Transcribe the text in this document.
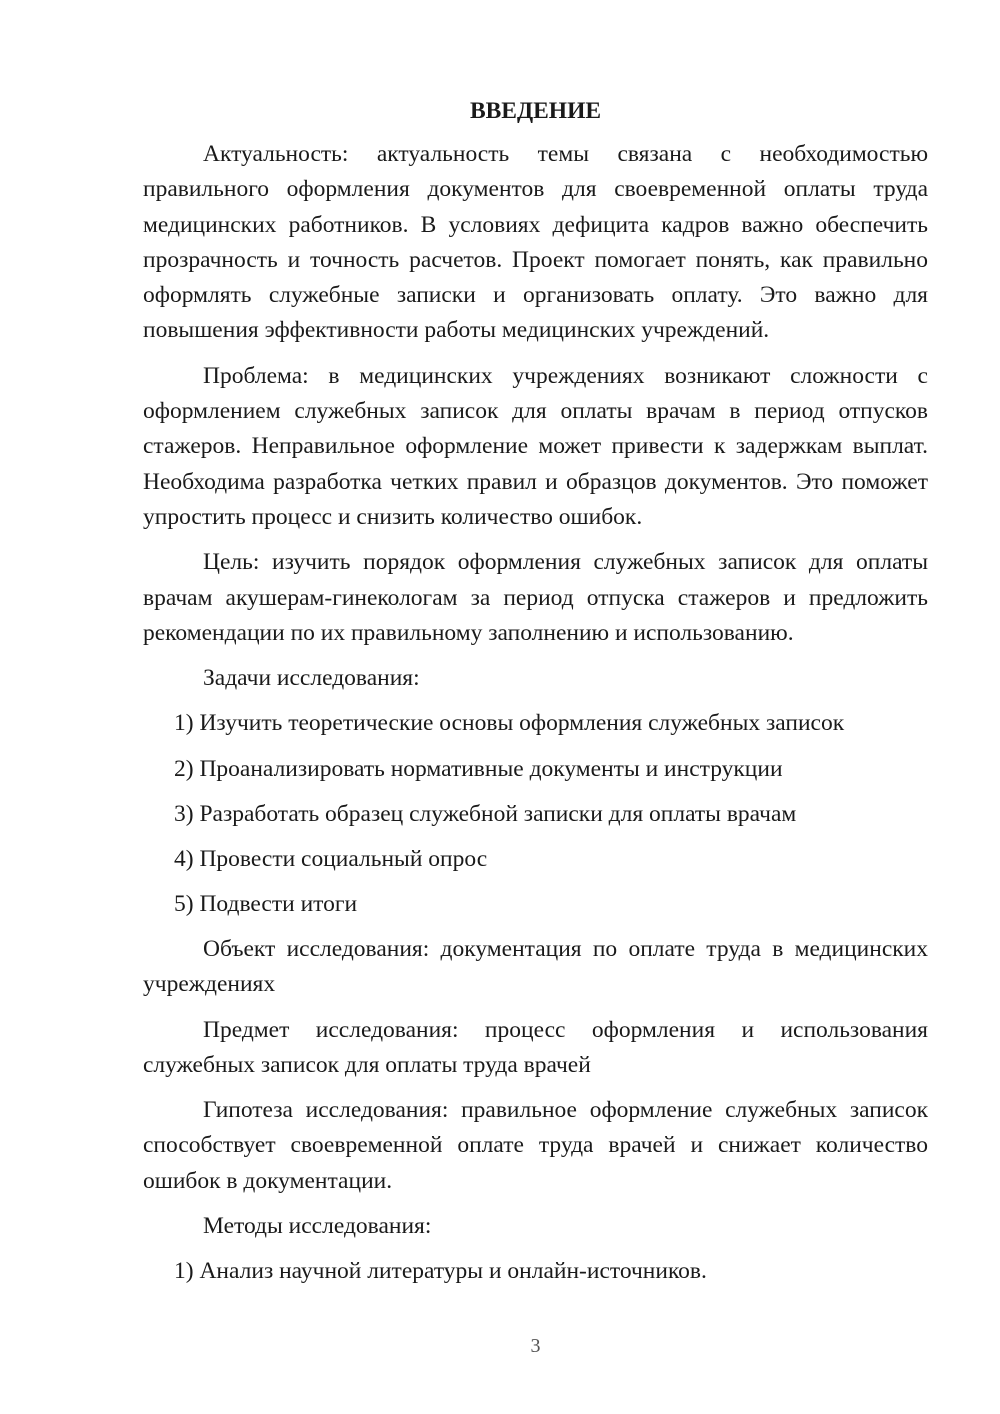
ВВЕДЕНИЕ

Актуальность: актуальность темы связана с необходимостью правильного оформления документов для своевременной оплаты труда медицинских работников. В условиях дефицита кадров важно обеспечить прозрачность и точность расчетов. Проект помогает понять, как правильно оформлять служебные записки и организовать оплату. Это важно для повышения эффективности работы медицинских учреждений.

Проблема: в медицинских учреждениях возникают сложности с оформлением служебных записок для оплаты врачам в период отпусков стажеров. Неправильное оформление может привести к задержкам выплат. Необходима разработка четких правил и образцов документов. Это поможет упростить процесс и снизить количество ошибок.

Цель: изучить порядок оформления служебных записок для оплаты врачам акушерам-гинекологам за период отпуска стажеров и предложить рекомендации по их правильному заполнению и использованию.

Задачи исследования:

1) Изучить теоретические основы оформления служебных записок
2) Проанализировать нормативные документы и инструкции
3) Разработать образец служебной записки для оплаты врачам
4) Провести социальный опрос
5) Подвести итоги

Объект исследования: документация по оплате труда в медицинских учреждениях

Предмет исследования: процесс оформления и использования служебных записок для оплаты труда врачей

Гипотеза исследования: правильное оформление служебных записок способствует своевременной оплате труда врачей и снижает количество ошибок в документации.

Методы исследования:

1) Анализ научной литературы и онлайн-источников.
3
